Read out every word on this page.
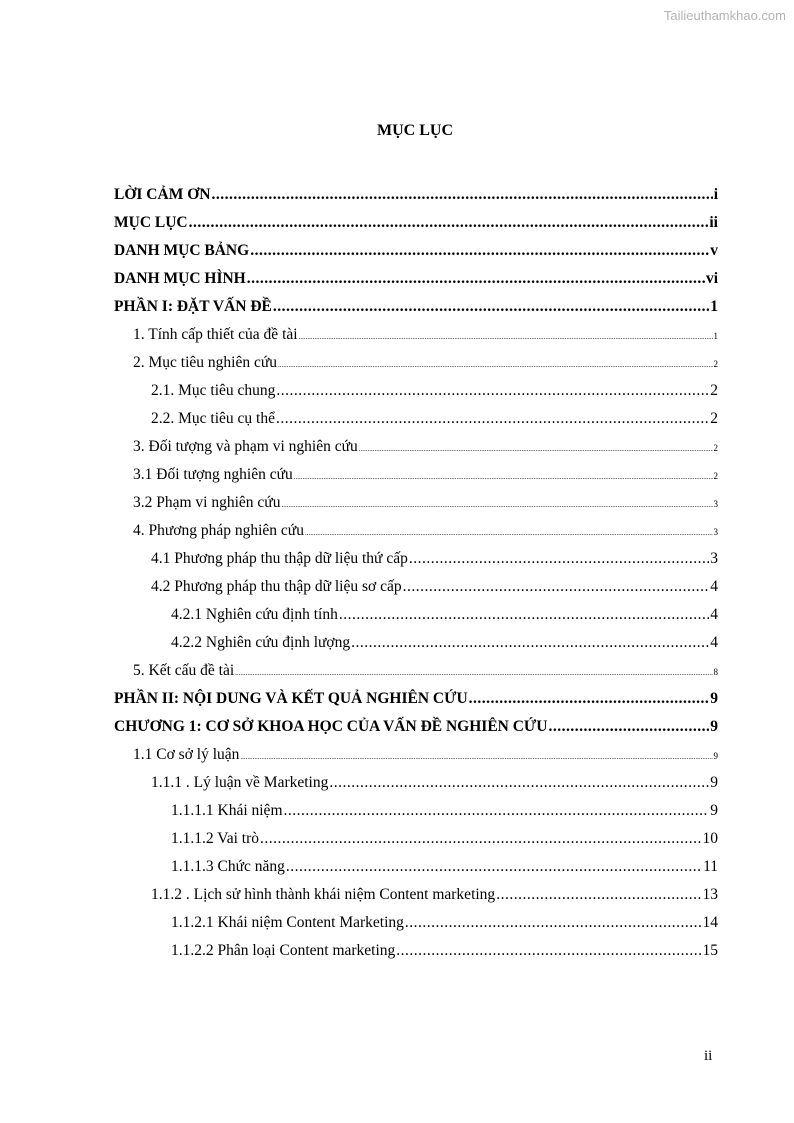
Tailieuthamkhao.com
MỤC LỤC
LỜI CẢM ƠN .....	i
MỤC LỤC .....	ii
DANH MỤC BẢNG .....	v
DANH MỤC HÌNH .....	vi
PHẦN I: ĐẶT VẤN ĐỀ .....	1
1. Tính cấp thiết của đề tài .....	1
2. Mục tiêu nghiên cứu .....	2
2.1. Mục tiêu chung .....	2
2.2. Mục tiêu cụ thể .....	2
3. Đối tượng và phạm vi nghiên cứu .....	2
3.1 Đối tượng nghiên cứu .....	2
3.2 Phạm vi nghiên cứu .....	3
4. Phương pháp nghiên cứu .....	3
4.1 Phương pháp thu thập dữ liệu thứ cấp .....	3
4.2 Phương pháp thu thập dữ liệu sơ cấp .....	4
4.2.1 Nghiên cứu định tính .....	4
4.2.2 Nghiên cứu định lượng .....	4
5. Kết cấu đề tài .....	8
PHẦN II: NỘI DUNG VÀ KẾT QUẢ NGHIÊN CỨU .....	9
CHƯƠNG 1: CƠ SỞ KHOA HỌC CỦA VẤN ĐỀ NGHIÊN CỨU .....	9
1.1 Cơ sở lý luận .....	9
1.1.1 . Lý luận về Marketing .....	9
1.1.1.1 Khái niệm .....	9
1.1.1.2 Vai trò .....	10
1.1.1.3 Chức năng .....	11
1.1.2 . Lịch sử hình thành khái niệm Content marketing .....	13
1.1.2.1 Khái niệm Content Marketing .....	14
1.1.2.2 Phân loại Content marketing .....	15
ii
